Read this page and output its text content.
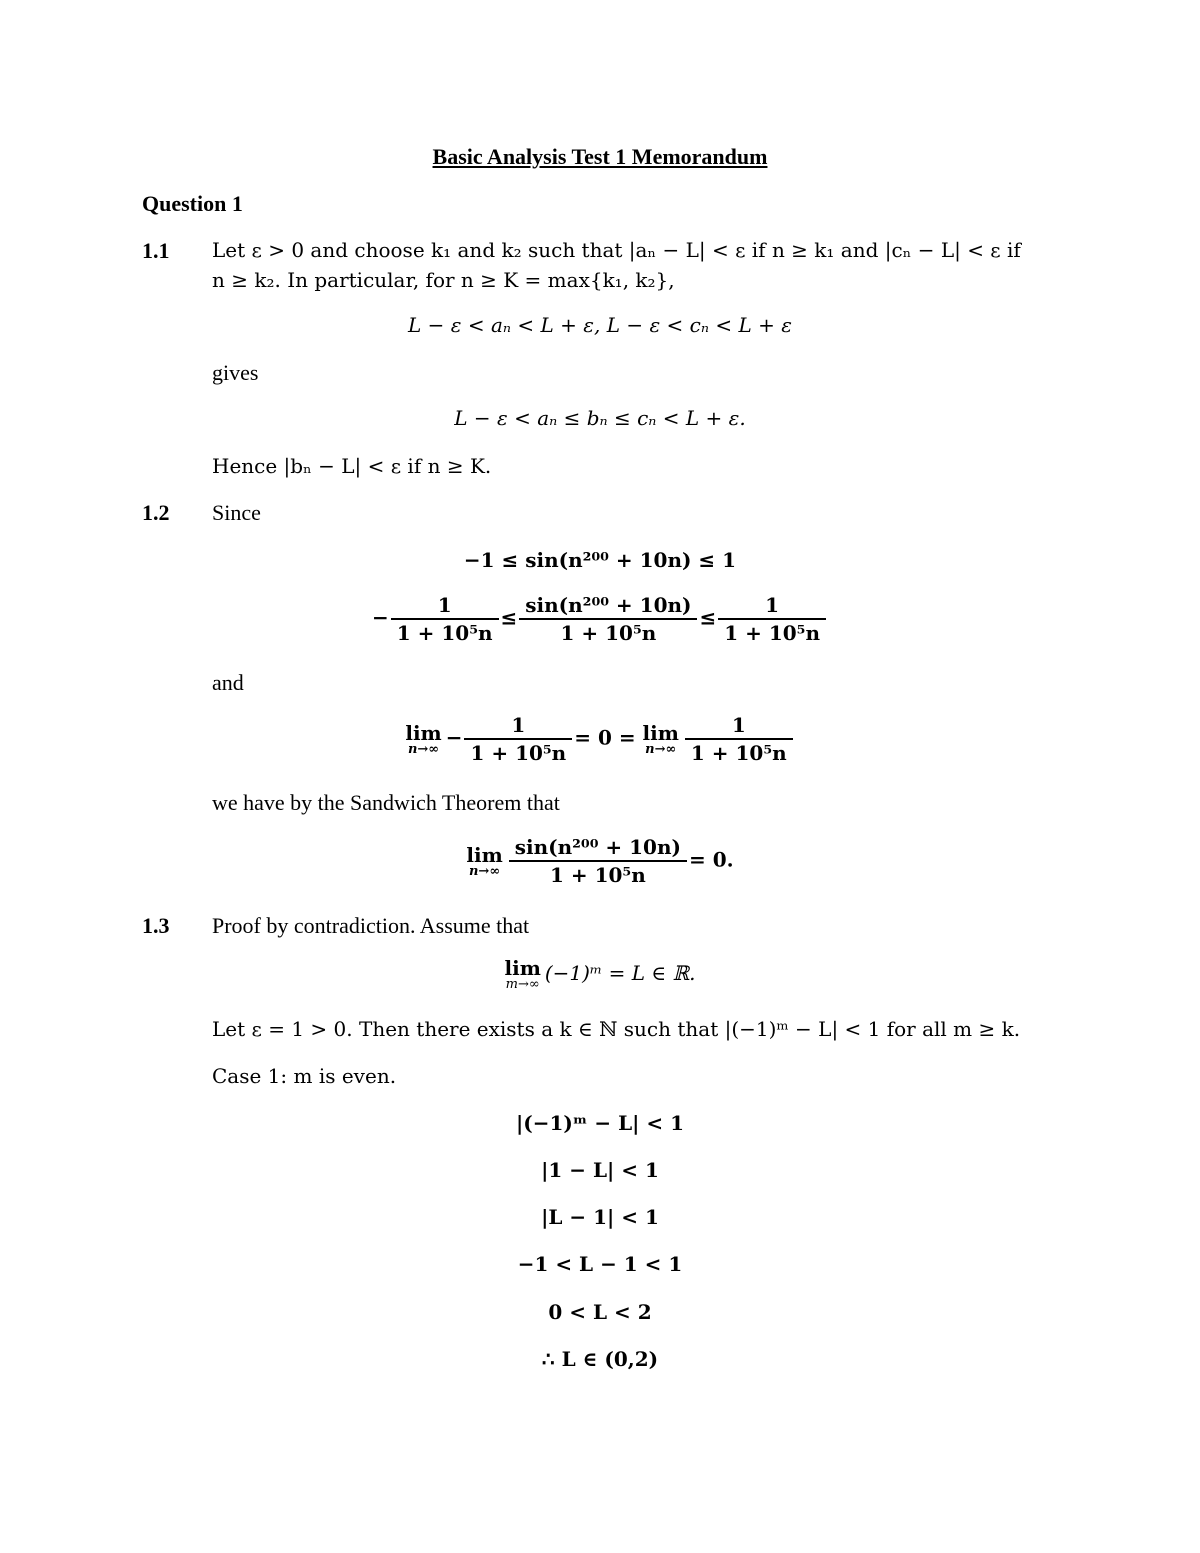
Basic Analysis Test 1 Memorandum
Question 1
1.1 Let ε > 0 and choose k₁ and k₂ such that |aₙ − L| < ε if n ≥ k₁ and |cₙ − L| < ε if
n ≥ k₂. In particular, for n ≥ K = max{k₁, k₂},
L − ε < aₙ < L + ε, L − ε < cₙ < L + ε
gives
L − ε < aₙ ≤ bₙ ≤ cₙ < L + ε.
Hence |bₙ − L| < ε if n ≥ K.
1.2 Since
−1 ≤ sin(n²⁰⁰ + 10n) ≤ 1
− $\frac{1}{\text{1 + 10⁵n}} \le \frac{\text{sin(n²⁰⁰ + 10n)}}{\text{1 + 10⁵n}} \le \frac{1}{\text{1 + 10⁵n}}$
and
lim
$n\to\infty - \frac{1}{\text{1 + 10⁵n}} = 0 = \lim$
$n\to\infty \frac{1}{\text{1 + 10⁵n}}$
we have by the Sandwich Theorem that
lim
$n\to\infty \frac{\text{sin(n²⁰⁰ + 10n)}}{\text{1 + 10⁵n}} = 0$.
1.3 Proof by contradiction. Assume that
lim
m→∞ (−1)ᵐ = L ∈ ℝ.
Let ε = 1 > 0. Then there exists a k ∈ ℕ such that |(−1)ᵐ − L| < 1 for all m ≥ k.
Case 1: m is even.
|(−1)ᵐ − L| < 1
|1 − L| < 1
|L − 1| < 1
−1 < L − 1 < 1
0 < L < 2
∴ L ∈ (0,2)
